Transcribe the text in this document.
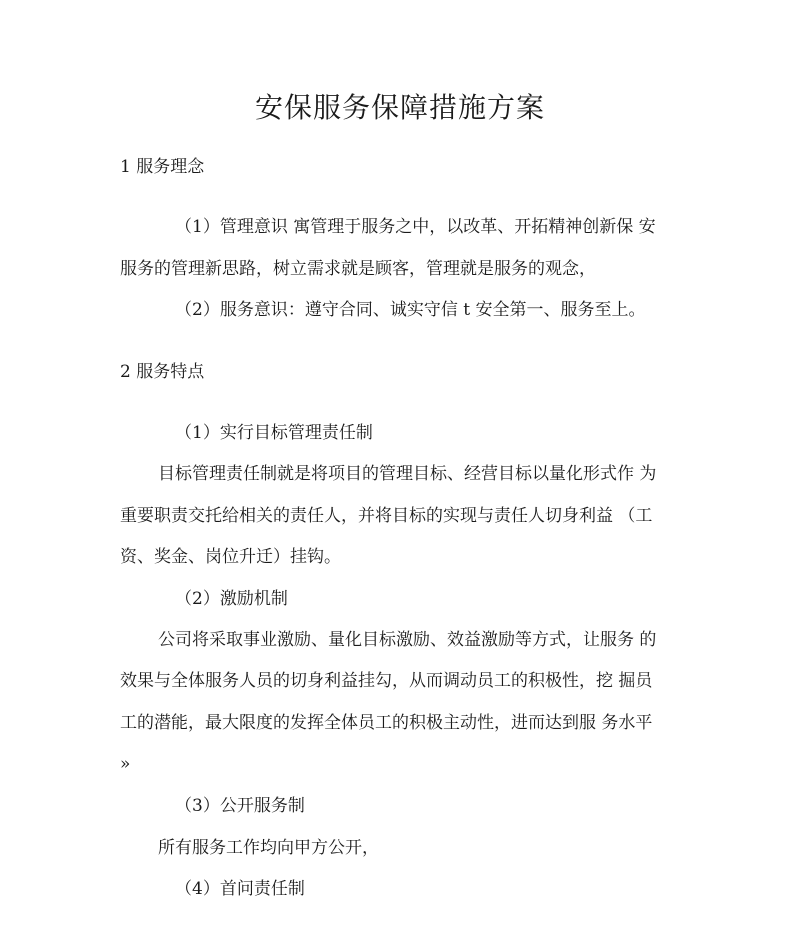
安保服务保障措施方案
1 服务理念
（1）管理意识 寓管理于服务之中，以改革、开拓精神创新保 安
服务的管理新思路，树立需求就是顾客，管理就是服务的观念，
（2）服务意识：遵守合同、诚实守信 t 安全第一、服务至上。
2 服务特点
（1）实行目标管理责任制
目标管理责任制就是将项目的管理目标、经营目标以量化形式作 为
重要职责交托给相关的责任人，并将目标的实现与责任人切身利益 （工
资、奖金、岗位升迁）挂钩。
（2）激励机制
公司将采取事业激励、量化目标激励、效益激励等方式，让服务 的
效果与全体服务人员的切身利益挂勾，从而调动员工的积极性，挖 掘员
工的潜能，最大限度的发挥全体员工的积极主动性，进而达到服 务水平
»
（3）公开服务制
所有服务工作均向甲方公开，
（4）首问责任制
